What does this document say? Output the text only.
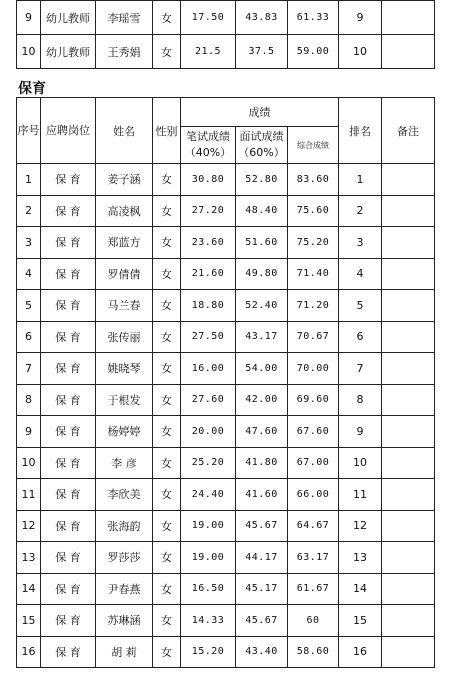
9	幼儿教师	李瑶雪	女	17.50	43.83	61.33	9	
10	幼儿教师	王秀娟	女	21.5	37.5	59.00	10	
保育
序号	应聘岗位	姓名	性别	成绩			排名	备注
				笔试成绩（40%）	面试成绩（60%）	综合成绩		
1	保 育	姜子涵	女	30.80	52.80	83.60	1	
2	保 育	高凌枫	女	27.20	48.40	75.60	2	
3	保 育	郑蓝方	女	23.60	51.60	75.20	3	
4	保 育	罗倩倩	女	21.60	49.80	71.40	4	
5	保 育	马兰春	女	18.80	52.40	71.20	5	
6	保 育	张传丽	女	27.50	43.17	70.67	6	
7	保 育	姚晓琴	女	16.00	54.00	70.00	7	
8	保 育	于根发	女	27.60	42.00	69.60	8	
9	保 育	杨婷婷	女	20.00	47.60	67.60	9	
10	保 育	李 彦	女	25.20	41.80	67.00	10	
11	保 育	李欣美	女	24.40	41.60	66.00	11	
12	保 育	张海韵	女	19.00	45.67	64.67	12	
13	保 育	罗莎莎	女	19.00	44.17	63.17	13	
14	保 育	尹春燕	女	16.50	45.17	61.67	14	
15	保 育	苏琳涵	女	14.33	45.67	60	15	
16	保 育	胡 莉	女	15.20	43.40	58.60	16	
